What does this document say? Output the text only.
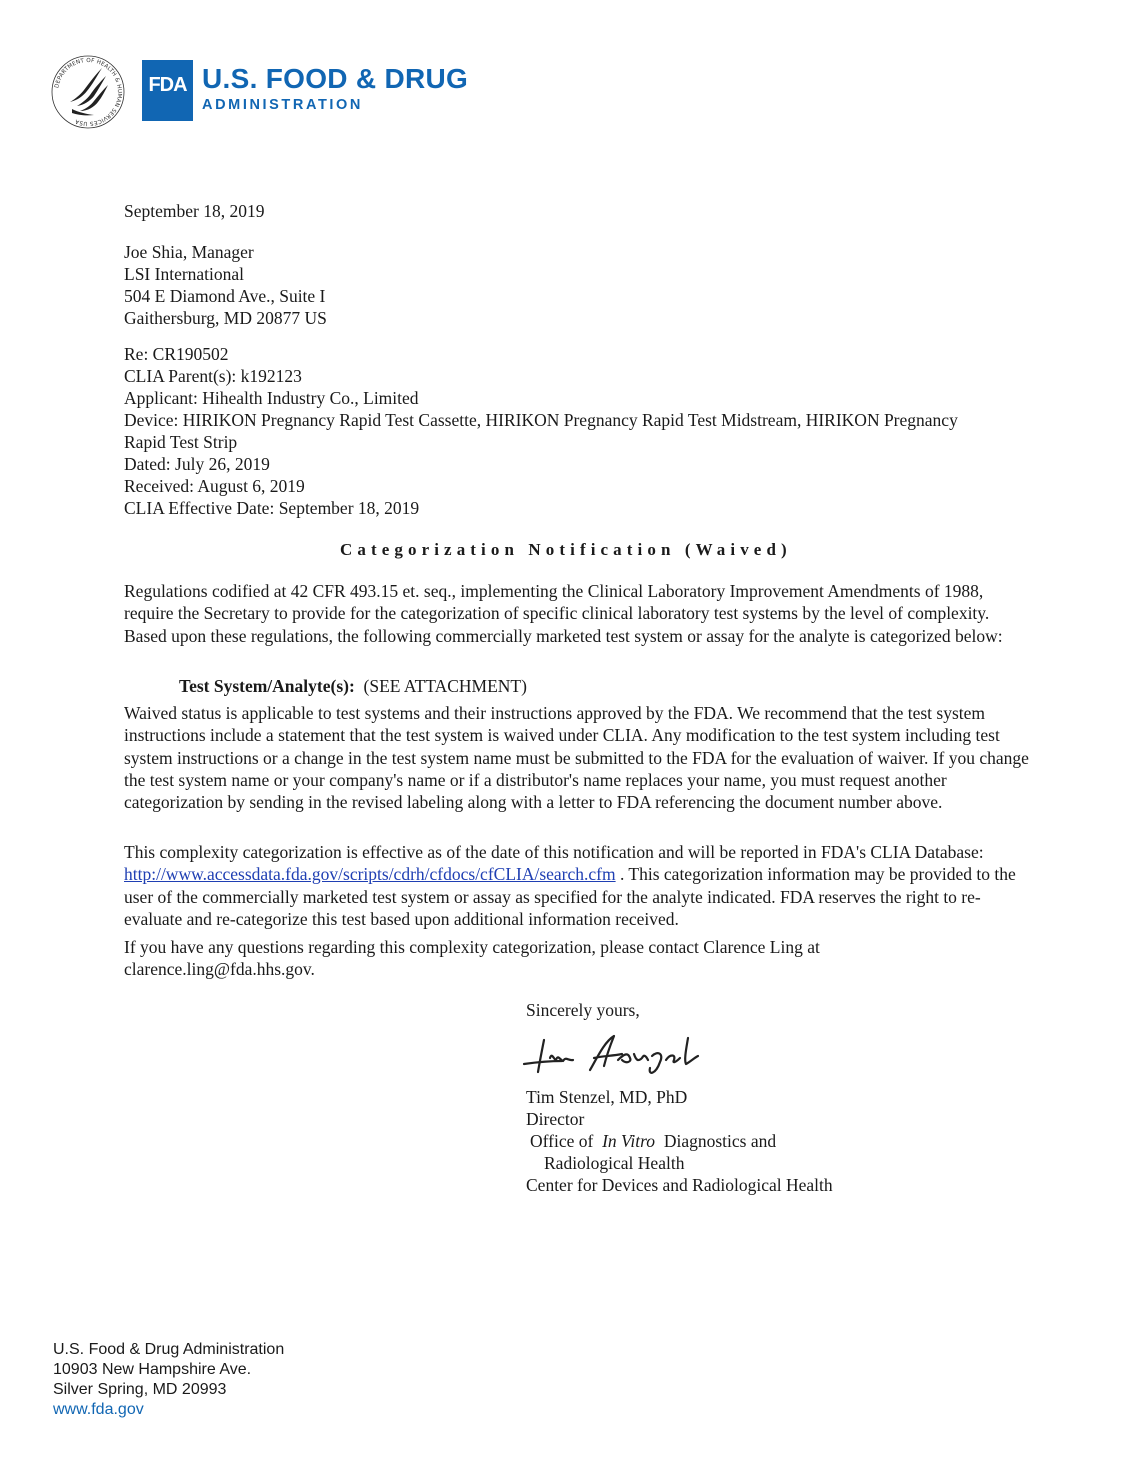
DEPARTMENT OF HEALTH & HUMAN SERVICES USA
FDA U.S. FOOD & DRUG
ADMINISTRATION
September 18, 2019
Joe Shia, Manager
LSI International
504 E Diamond Ave., Suite I
Gaithersburg, MD 20877 US
Re: CR190502
CLIA Parent(s): k192123
Applicant: Hihealth Industry Co., Limited
Device: HIRIKON Pregnancy Rapid Test Cassette, HIRIKON Pregnancy Rapid Test Midstream, HIRIKON Pregnancy
Rapid Test Strip
Dated: July 26, 2019
Received: August 6, 2019
CLIA Effective Date: September 18, 2019
Categorization Notification (Waived)
Regulations codified at 42 CFR 493.15 et. seq., implementing the Clinical Laboratory Improvement Amendments of 1988, require the Secretary to provide for the categorization of specific clinical laboratory test systems by the level of complexity. Based upon these regulations, the following commercially marketed test system or assay for the analyte is categorized below:
Test System/Analyte(s): (SEE ATTACHMENT)
Waived status is applicable to test systems and their instructions approved by the FDA. We recommend that the test system instructions include a statement that the test system is waived under CLIA. Any modification to the test system including test system instructions or a change in the test system name must be submitted to the FDA for the evaluation of waiver. If you change the test system name or your company's name or if a distributor's name replaces your name, you must request another categorization by sending in the revised labeling along with a letter to FDA referencing the document number above.
This complexity categorization is effective as of the date of this notification and will be reported in FDA's CLIA Database: http://www.accessdata.fda.gov/scripts/cdrh/cfdocs/cfCLIA/search.cfm . This categorization information may be provided to the user of the commercially marketed test system or assay as specified for the analyte indicated. FDA reserves the right to re-evaluate and re-categorize this test based upon additional information received.
If you have any questions regarding this complexity categorization, please contact Clarence Ling at clarence.ling@fda.hhs.gov.
Sincerely yours,
Tim Stenzel, MD, PhD
Director
Office of In Vitro Diagnostics and
Radiological Health
Center for Devices and Radiological Health
U.S. Food & Drug Administration
10903 New Hampshire Ave.
Silver Spring, MD 20993
www.fda.gov
